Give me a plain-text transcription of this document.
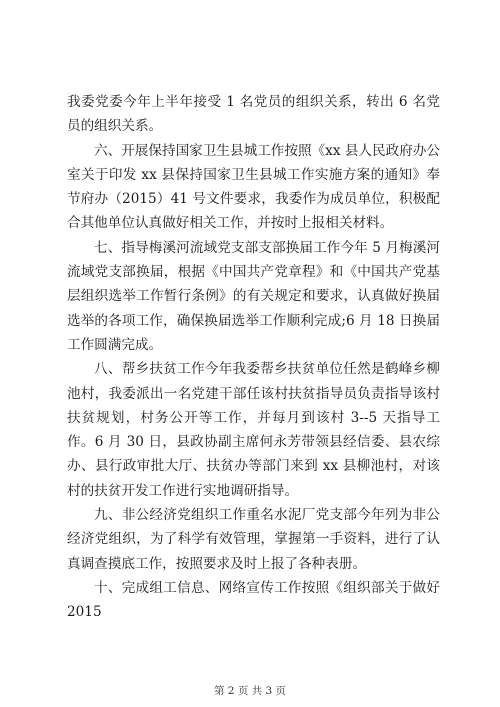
我委党委今年上半年接受 1 名党员的组织关系，转出 6 名党员的组织关系。

六、开展保持国家卫生县城工作按照《xx 县人民政府办公室关于印发 xx 县保持国家卫生县城工作实施方案的通知》奉节府办（2015）41 号文件要求，我委作为成员单位，积极配合其他单位认真做好相关工作，并按时上报相关材料。

七、指导梅溪河流域党支部支部换届工作今年 5 月梅溪河流域党支部换届，根据《中国共产党章程》和《中国共产党基层组织选举工作暂行条例》的有关规定和要求，认真做好换届选举的各项工作，确保换届选举工作顺利完成;6 月 18 日换届工作圆满完成。

八、帮乡扶贫工作今年我委帮乡扶贫单位任然是鹤峰乡柳池村，我委派出一名党建干部任该村扶贫指导员负责指导该村扶贫规划，村务公开等工作，并每月到该村 3--5 天指导工作。6 月 30 日，县政协副主席何永芳带领县经信委、县农综办、县行政审批大厅、扶贫办等部门来到 xx 县柳池村，对该村的扶贫开发工作进行实地调研指导。

九、非公经济党组织工作重名水泥厂党支部今年列为非公经济党组织，为了科学有效管理，掌握第一手资料，进行了认真调查摸底工作，按照要求及时上报了各种表册。

十、完成组工信息、网络宣传工作按照《组织部关于做好 2015

第 2 页 共 3 页
